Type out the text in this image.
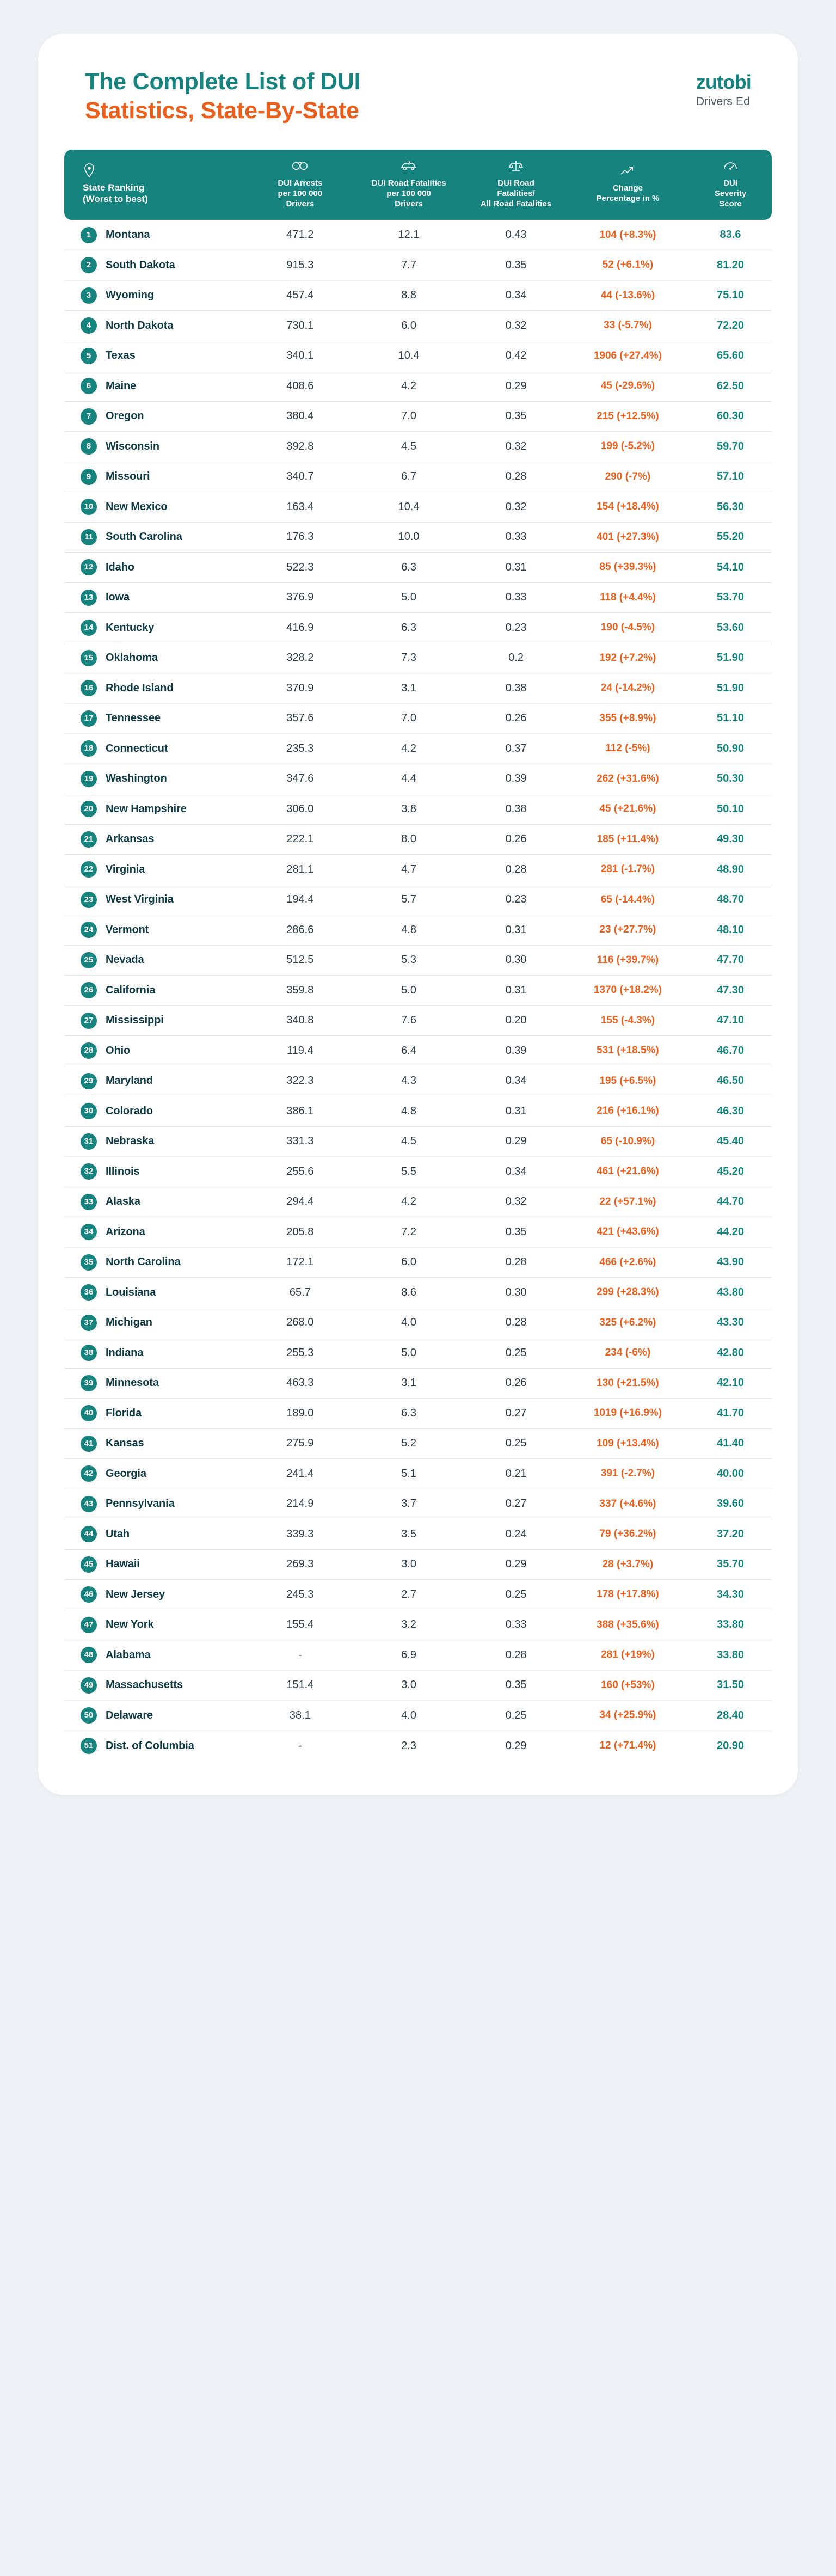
The Complete List of DUI
Statistics, State-By-State
zutobi
Drivers Ed
State Ranking
(Worst to best)	DUI Arrests
per 100 000
Drivers	DUI Road Fatalities
per 100 000
Drivers	DUI Road
Fatalities/
All Road Fatalities	Change
Percentage in %	DUI
Severity
Score
1 Montana	471.2	12.1	0.43	104 (+8.3%)	83.6
2 South Dakota	915.3	7.7	0.35	52 (+6.1%)	81.20
3 Wyoming	457.4	8.8	0.34	44 (-13.6%)	75.10
4 North Dakota	730.1	6.0	0.32	33 (-5.7%)	72.20
5 Texas	340.1	10.4	0.42	1906 (+27.4%)	65.60
6 Maine	408.6	4.2	0.29	45 (-29.6%)	62.50
7 Oregon	380.4	7.0	0.35	215 (+12.5%)	60.30
8 Wisconsin	392.8	4.5	0.32	199 (-5.2%)	59.70
9 Missouri	340.7	6.7	0.28	290 (-7%)	57.10
10 New Mexico	163.4	10.4	0.32	154 (+18.4%)	56.30
11 South Carolina	176.3	10.0	0.33	401 (+27.3%)	55.20
12 Idaho	522.3	6.3	0.31	85 (+39.3%)	54.10
13 Iowa	376.9	5.0	0.33	118 (+4.4%)	53.70
14 Kentucky	416.9	6.3	0.23	190 (-4.5%)	53.60
15 Oklahoma	328.2	7.3	0.2	192 (+7.2%)	51.90
16 Rhode Island	370.9	3.1	0.38	24 (-14.2%)	51.90
17 Tennessee	357.6	7.0	0.26	355 (+8.9%)	51.10
18 Connecticut	235.3	4.2	0.37	112 (-5%)	50.90
19 Washington	347.6	4.4	0.39	262 (+31.6%)	50.30
20 New Hampshire	306.0	3.8	0.38	45 (+21.6%)	50.10
21 Arkansas	222.1	8.0	0.26	185 (+11.4%)	49.30
22 Virginia	281.1	4.7	0.28	281 (-1.7%)	48.90
23 West Virginia	194.4	5.7	0.23	65 (-14.4%)	48.70
24 Vermont	286.6	4.8	0.31	23 (+27.7%)	48.10
25 Nevada	512.5	5.3	0.30	116 (+39.7%)	47.70
26 California	359.8	5.0	0.31	1370 (+18.2%)	47.30
27 Mississippi	340.8	7.6	0.20	155 (-4.3%)	47.10
28 Ohio	119.4	6.4	0.39	531 (+18.5%)	46.70
29 Maryland	322.3	4.3	0.34	195 (+6.5%)	46.50
30 Colorado	386.1	4.8	0.31	216 (+16.1%)	46.30
31 Nebraska	331.3	4.5	0.29	65 (-10.9%)	45.40
32 Illinois	255.6	5.5	0.34	461 (+21.6%)	45.20
33 Alaska	294.4	4.2	0.32	22 (+57.1%)	44.70
34 Arizona	205.8	7.2	0.35	421 (+43.6%)	44.20
35 North Carolina	172.1	6.0	0.28	466 (+2.6%)	43.90
36 Louisiana	65.7	8.6	0.30	299 (+28.3%)	43.80
37 Michigan	268.0	4.0	0.28	325 (+6.2%)	43.30
38 Indiana	255.3	5.0	0.25	234 (-6%)	42.80
39 Minnesota	463.3	3.1	0.26	130 (+21.5%)	42.10
40 Florida	189.0	6.3	0.27	1019 (+16.9%)	41.70
41 Kansas	275.9	5.2	0.25	109 (+13.4%)	41.40
42 Georgia	241.4	5.1	0.21	391 (-2.7%)	40.00
43 Pennsylvania	214.9	3.7	0.27	337 (+4.6%)	39.60
44 Utah	339.3	3.5	0.24	79 (+36.2%)	37.20
45 Hawaii	269.3	3.0	0.29	28 (+3.7%)	35.70
46 New Jersey	245.3	2.7	0.25	178 (+17.8%)	34.30
47 New York	155.4	3.2	0.33	388 (+35.6%)	33.80
48 Alabama	-	6.9	0.28	281 (+19%)	33.80
49 Massachusetts	151.4	3.0	0.35	160 (+53%)	31.50
50 Delaware	38.1	4.0	0.25	34 (+25.9%)	28.40
51 Dist. of Columbia	-	2.3	0.29	12 (+71.4%)	20.90
